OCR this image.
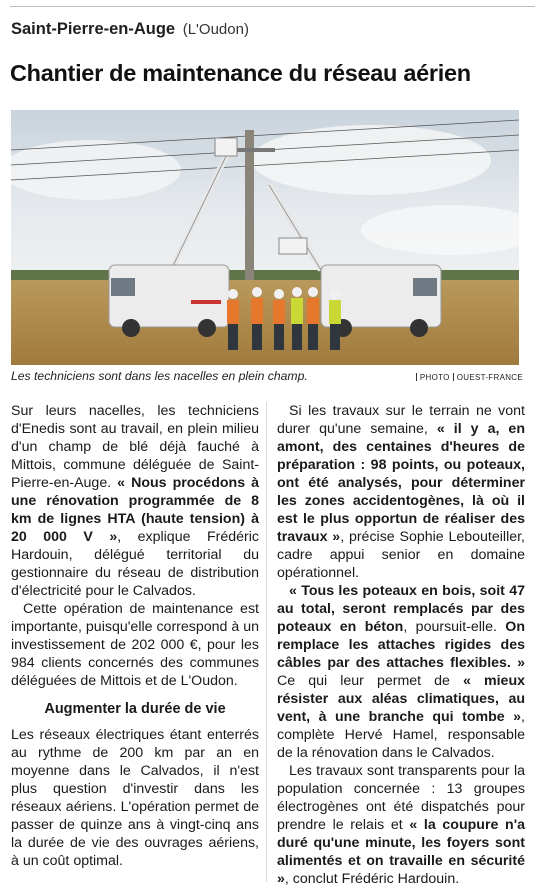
Saint-Pierre-en-Auge (L'Oudon)
Chantier de maintenance du réseau aérien
Les techniciens sont dans les nacelles en plein champ.	PHOTO OUEST-FRANCE

Sur leurs nacelles, les techniciens d'Enedis sont au travail, en plein milieu d'un champ de blé déjà fauché à Mittois, commune déléguée de Saint-Pierre-en-Auge. « Nous procédons à une rénovation programmée de 8 km de lignes HTA (haute tension) à 20 000 V », explique Frédéric Hardouin, délégué territorial du gestionnaire du réseau de distribution d'électricité pour le Calvados.

Cette opération de maintenance est importante, puisqu'elle correspond à un investissement de 202 000 €, pour les 984 clients concernés des communes déléguées de Mittois et de L'Oudon.

Augmenter la durée de vie

Les réseaux électriques étant enterrés au rythme de 200 km par an en moyenne dans le Calvados, il n'est plus question d'investir dans les réseaux aériens. L'opération permet de passer de quinze ans à vingt-cinq ans la durée de vie des ouvrages aériens, à un coût optimal.

Si les travaux sur le terrain ne vont durer qu'une semaine, « il y a, en amont, des centaines d'heures de préparation : 98 points, ou poteaux, ont été analysés, pour déterminer les zones accidentogènes, là où il est le plus opportun de réaliser des travaux », précise Sophie Lebouteiller, cadre appui senior en domaine opérationnel.

« Tous les poteaux en bois, soit 47 au total, seront remplacés par des poteaux en béton, poursuit-elle. On remplace les attaches rigides des câbles par des attaches flexibles. » Ce qui leur permet de « mieux résister aux aléas climatiques, au vent, à une branche qui tombe », complète Hervé Hamel, responsable de la rénovation dans le Calvados.

Les travaux sont transparents pour la population concernée : 13 groupes électrogènes ont été dispatchés pour prendre le relais et « la coupure n'a duré qu'une minute, les foyers sont alimentés et on travaille en sécurité », conclut Frédéric Hardouin.
